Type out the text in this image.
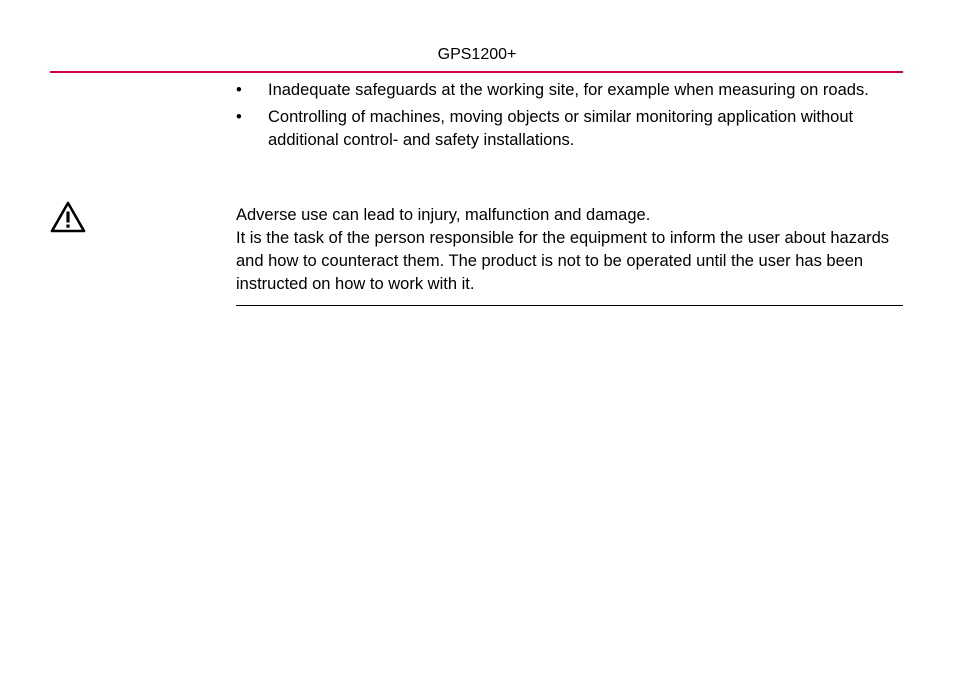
GPS1200+
• Inadequate safeguards at the working site, for example when measuring on roads.
• Controlling of machines, moving objects or similar monitoring application without additional control- and safety installations.

Adverse use can lead to injury, malfunction and damage.

It is the task of the person responsible for the equipment to inform the user about hazards and how to counteract them. The product is not to be operated until the user has been instructed on how to work with it.
